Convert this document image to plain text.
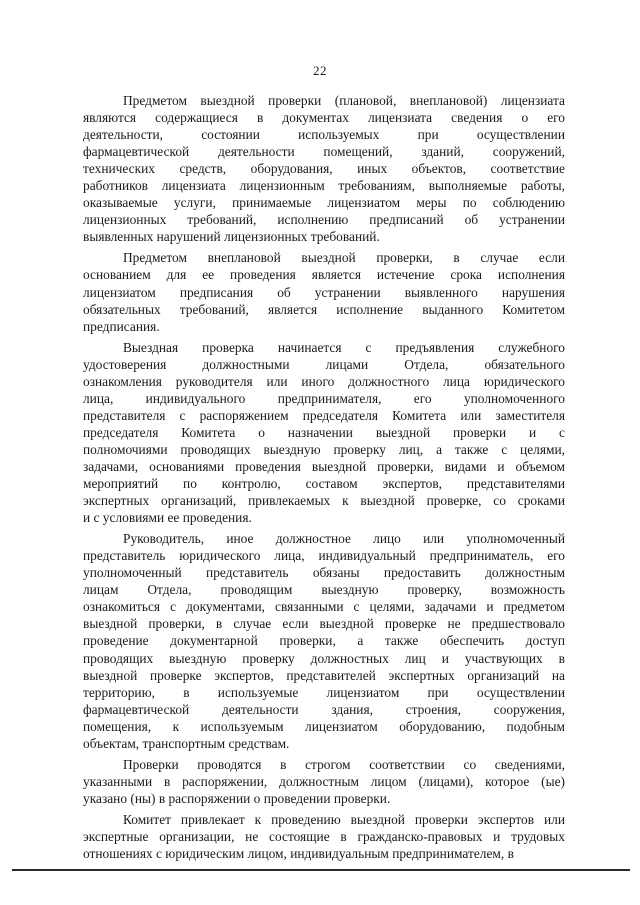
22
Предметом выездной проверки (плановой, внеплановой) лицензиата
являются содержащиеся в документах лицензиата сведения о его
деятельности, состоянии используемых при осуществлении
фармацевтической деятельности помещений, зданий, сооружений,
технических средств, оборудования, иных объектов, соответствие
работников лицензиата лицензионным требованиям, выполняемые работы,
оказываемые услуги, принимаемые лицензиатом меры по соблюдению
лицензионных требований, исполнению предписаний об устранении
выявленных нарушений лицензионных требований.
Предметом внеплановой выездной проверки, в случае если
основанием для ее проведения является истечение срока исполнения
лицензиатом предписания об устранении выявленного нарушения
обязательных требований, является исполнение выданного Комитетом
предписания.
Выездная проверка начинается с предъявления служебного
удостоверения должностными лицами Отдела, обязательного
ознакомления руководителя или иного должностного лица юридического
лица, индивидуального предпринимателя, его уполномоченного
представителя с распоряжением председателя Комитета или заместителя
председателя Комитета о назначении выездной проверки и с
полномочиями проводящих выездную проверку лиц, а также с целями,
задачами, основаниями проведения выездной проверки, видами и объемом
мероприятий по контролю, составом экспертов, представителями
экспертных организаций, привлекаемых к выездной проверке, со сроками
и с условиями ее проведения.
Руководитель, иное должностное лицо или уполномоченный
представитель юридического лица, индивидуальный предприниматель, его
уполномоченный представитель обязаны предоставить должностным
лицам Отдела, проводящим выездную проверку, возможность
ознакомиться с документами, связанными с целями, задачами и предметом
выездной проверки, в случае если выездной проверке не предшествовало
проведение документарной проверки, а также обеспечить доступ
проводящих выездную проверку должностных лиц и участвующих в
выездной проверке экспертов, представителей экспертных организаций на
территорию, в используемые лицензиатом при осуществлении
фармацевтической деятельности здания, строения, сооружения,
помещения, к используемым лицензиатом оборудованию, подобным
объектам, транспортным средствам.
Проверки проводятся в строгом соответствии со сведениями,
указанными в распоряжении, должностным лицом (лицами), которое (ые)
указано (ны) в распоряжении о проведении проверки.
Комитет привлекает к проведению выездной проверки экспертов или
экспертные организации, не состоящие в гражданско-правовых и трудовых
отношениях с юридическим лицом, индивидуальным предпринимателем, в
